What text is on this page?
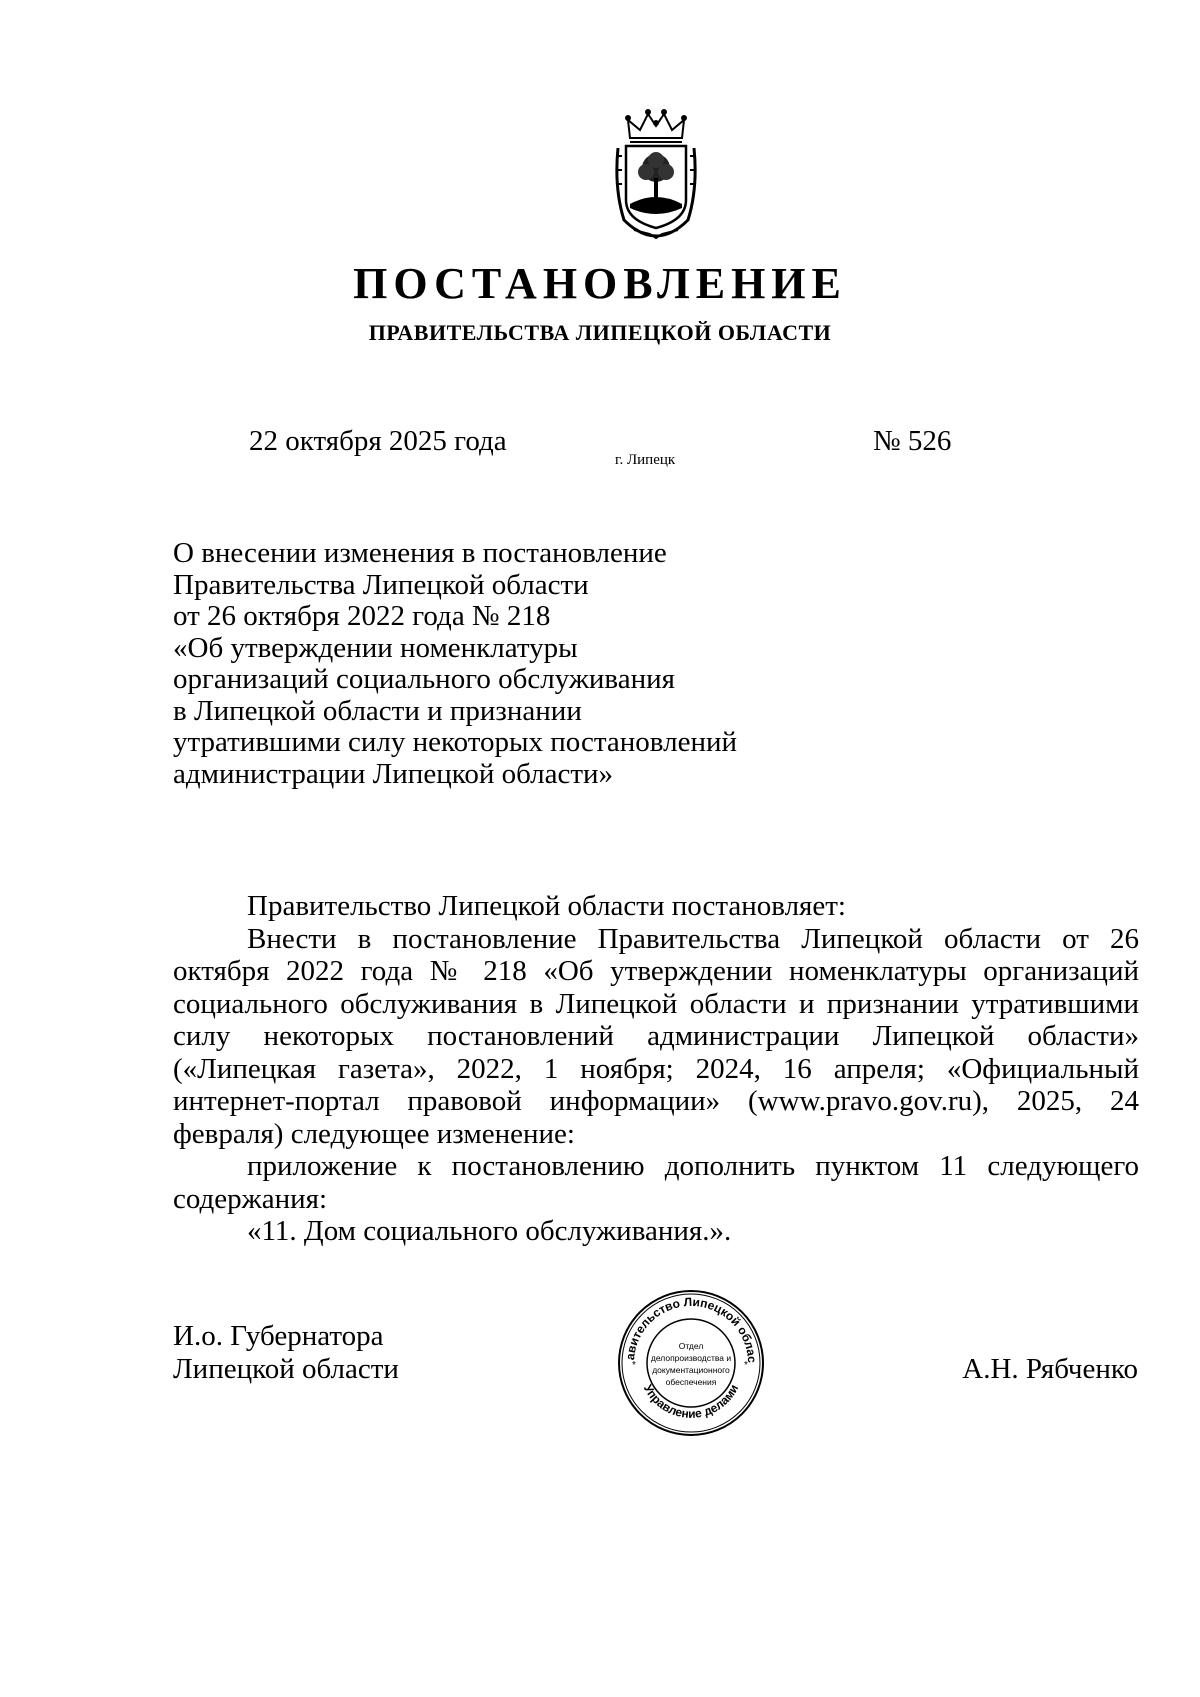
ПОСТАНОВЛЕНИЕ
ПРАВИТЕЛЬСТВА ЛИПЕЦКОЙ ОБЛАСТИ
22 октября 2025 года
г. Липецк
№ 526
О внесении изменения в постановление
Правительства Липецкой области
от 26 октября 2022 года № 218
«Об утверждении номенклатуры
организаций социального обслуживания
в Липецкой области и признании
утратившими силу некоторых постановлений
администрации Липецкой области»

Правительство Липецкой области постановляет:

Внести в постановление Правительства Липецкой области от 26 октября 2022 года № 218 «Об утверждении номенклатуры организаций социального обслуживания в Липецкой области и признании утратившими силу некоторых постановлений администрации Липецкой области» («Липецкая газета», 2022, 1 ноября; 2024, 16 апреля; «Официальный интернет-портал правовой информации» (www.pravo.gov.ru), 2025, 24 февраля) следующее изменение:

приложение к постановлению дополнить пунктом 11 следующего содержания:

«11. Дом социального обслуживания.».

И.о. Губернатора
Липецкой области	А.Н. Рябченко
авительство Липецкой облас
Управление делами
*	*
Отдел
делопроизводства и
документационного
обеспечения
